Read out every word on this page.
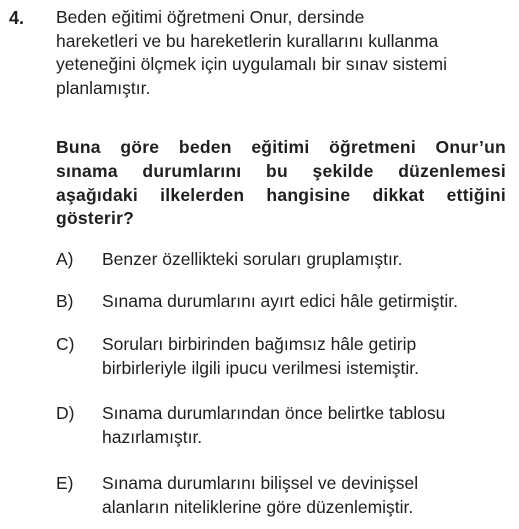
4. Beden eğitimi öğretmeni Onur, dersinde
hareketleri ve bu hareketlerin kurallarını kullanma
yeteneğini ölçmek için uygulamalı bir sınav sistemi
planlamıştır.
Buna göre beden eğitimi öğretmeni Onur’un
sınama durumlarını bu şekilde düzenlemesi
aşağıdaki ilkelerden hangisine dikkat ettiğini
gösterir?
A)	Benzer özellikteki soruları gruplamıştır.
B)	Sınama durumlarını ayırt edici hâle getirmiştir.
C)	Soruları birbirinden bağımsız hâle getirip
birbirleriyle ilgili ipucu verilmesi istemiştir.
D)	Sınama durumlarından önce belirtke tablosu
hazırlamıştır.
E)	Sınama durumlarını bilişsel ve devinişsel
alanların niteliklerine göre düzenlemiştir.
